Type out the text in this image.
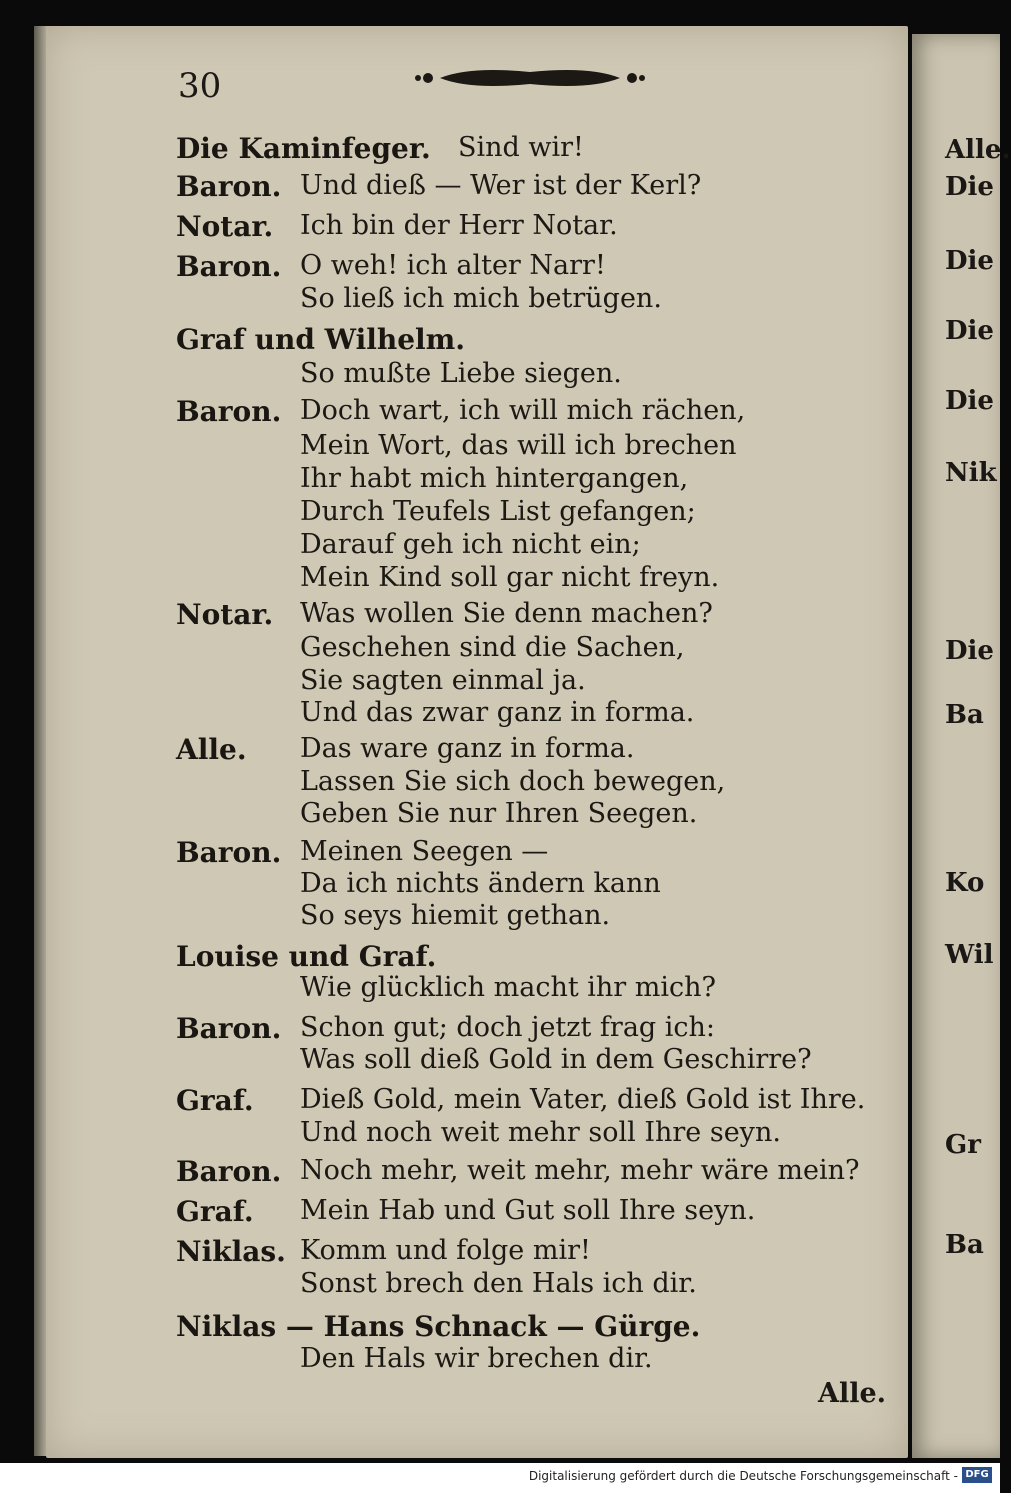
30
Die Kaminfeger. Sind wir!
Baron. Und dieß — Wer ist der Kerl?
Notar. Ich bin der Herr Notar.
Baron. O weh! ich alter Narr!
So ließ ich mich betrügen.
Graf und Wilhelm.
So mußte Liebe siegen.
Baron. Doch wart, ich will mich rächen,
Mein Wort, das will ich brechen
Ihr habt mich hintergangen,
Durch Teufels List gefangen;
Darauf geh ich nicht ein;
Mein Kind soll gar nicht freyn.
Notar. Was wollen Sie denn machen?
Geschehen sind die Sachen,
Sie sagten einmal ja.
Und das zwar ganz in forma.
Alle. Das ware ganz in forma.
Lassen Sie sich doch bewegen,
Geben Sie nur Ihren Seegen.
Baron. Meinen Seegen —
Da ich nichts ändern kann
So seys hiemit gethan.
Louise und Graf.
Wie glücklich macht ihr mich?
Baron. Schon gut; doch jetzt frag ich:
Was soll dieß Gold in dem Geschirre?
Graf. Dieß Gold, mein Vater, dieß Gold ist Ihre.
Und noch weit mehr soll Ihre seyn.
Baron. Noch mehr, weit mehr, mehr wäre mein?
Graf. Mein Hab und Gut soll Ihre seyn.
Niklas. Komm und folge mir!
Sonst brech den Hals ich dir.
Niklas — Hans Schnack — Gürge.
Den Hals wir brechen dir.
Alle.
Alle.
Die
Die
Die
Die
Nik
Die
Ba
Ko
Wil
Gr
Ba
Digitalisierung gefördert durch die Deutsche Forschungsgemeinschaft - DFG
